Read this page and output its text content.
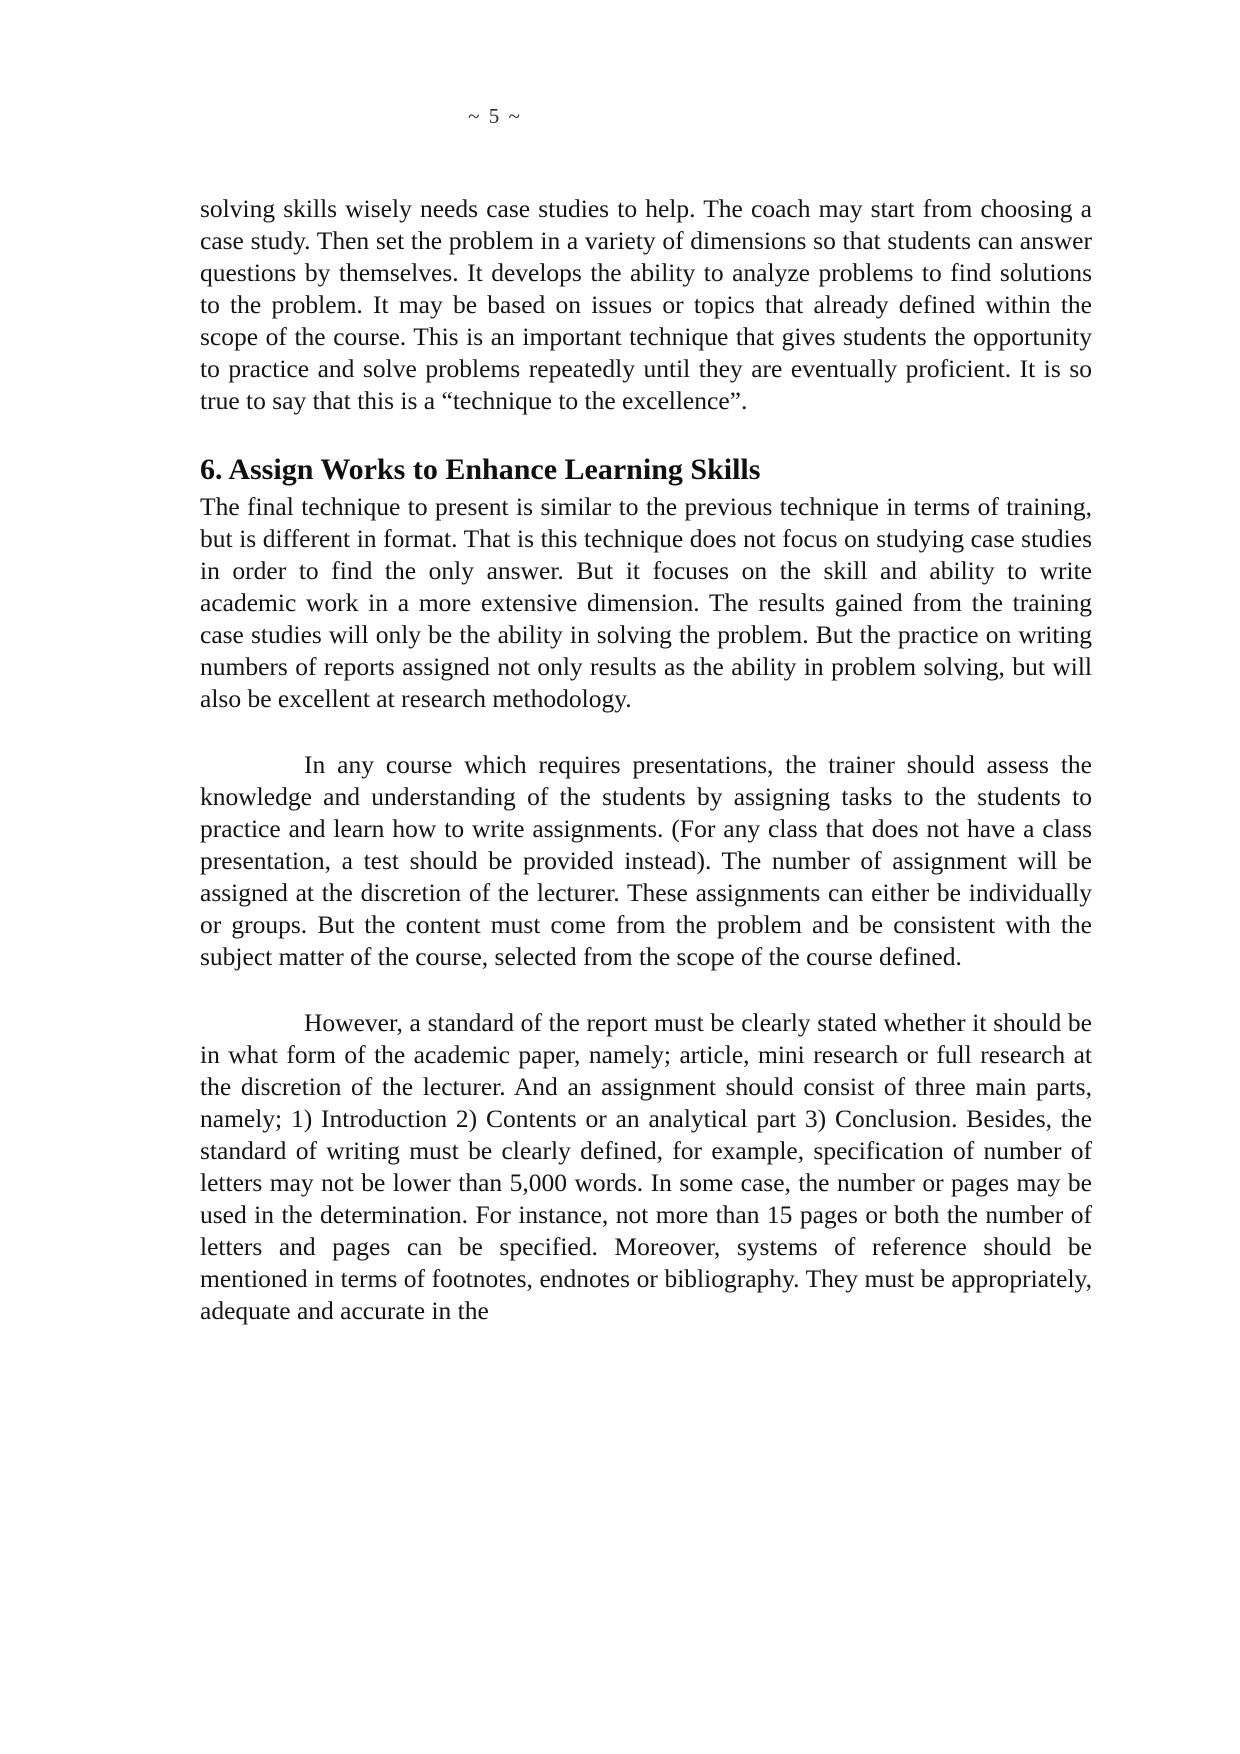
~ 5 ~

solving skills wisely needs case studies to help. The coach may start from choosing a case study. Then set the problem in a variety of dimensions so that students can answer questions by themselves. It develops the ability to analyze problems to find solutions to the problem. It may be based on issues or topics that already defined within the scope of the course. This is an important technique that gives students the opportunity to practice and solve problems repeatedly until they are eventually proficient. It is so true to say that this is a “technique to the excellence”.

6. Assign Works to Enhance Learning Skills

The final technique to present is similar to the previous technique in terms of training, but is different in format. That is this technique does not focus on studying case studies in order to find the only answer. But it focuses on the skill and ability to write academic work in a more extensive dimension. The results gained from the training case studies will only be the ability in solving the problem. But the practice on writing numbers of reports assigned not only results as the ability in problem solving, but will also be excellent at research methodology.

In any course which requires presentations, the trainer should assess the knowledge and understanding of the students by assigning tasks to the students to practice and learn how to write assignments. (For any class that does not have a class presentation, a test should be provided instead). The number of assignment will be assigned at the discretion of the lecturer. These assignments can either be individually or groups. But the content must come from the problem and be consistent with the subject matter of the course, selected from the scope of the course defined.

However, a standard of the report must be clearly stated whether it should be in what form of the academic paper, namely; article, mini research or full research at the discretion of the lecturer. And an assignment should consist of three main parts, namely; 1) Introduction 2) Contents or an analytical part 3) Conclusion. Besides, the standard of writing must be clearly defined, for example, specification of number of letters may not be lower than 5,000 words. In some case, the number or pages may be used in the determination. For instance, not more than 15 pages or both the number of letters and pages can be specified. Moreover, systems of reference should be mentioned in terms of footnotes, endnotes or bibliography. They must be appropriately, adequate and accurate in the
